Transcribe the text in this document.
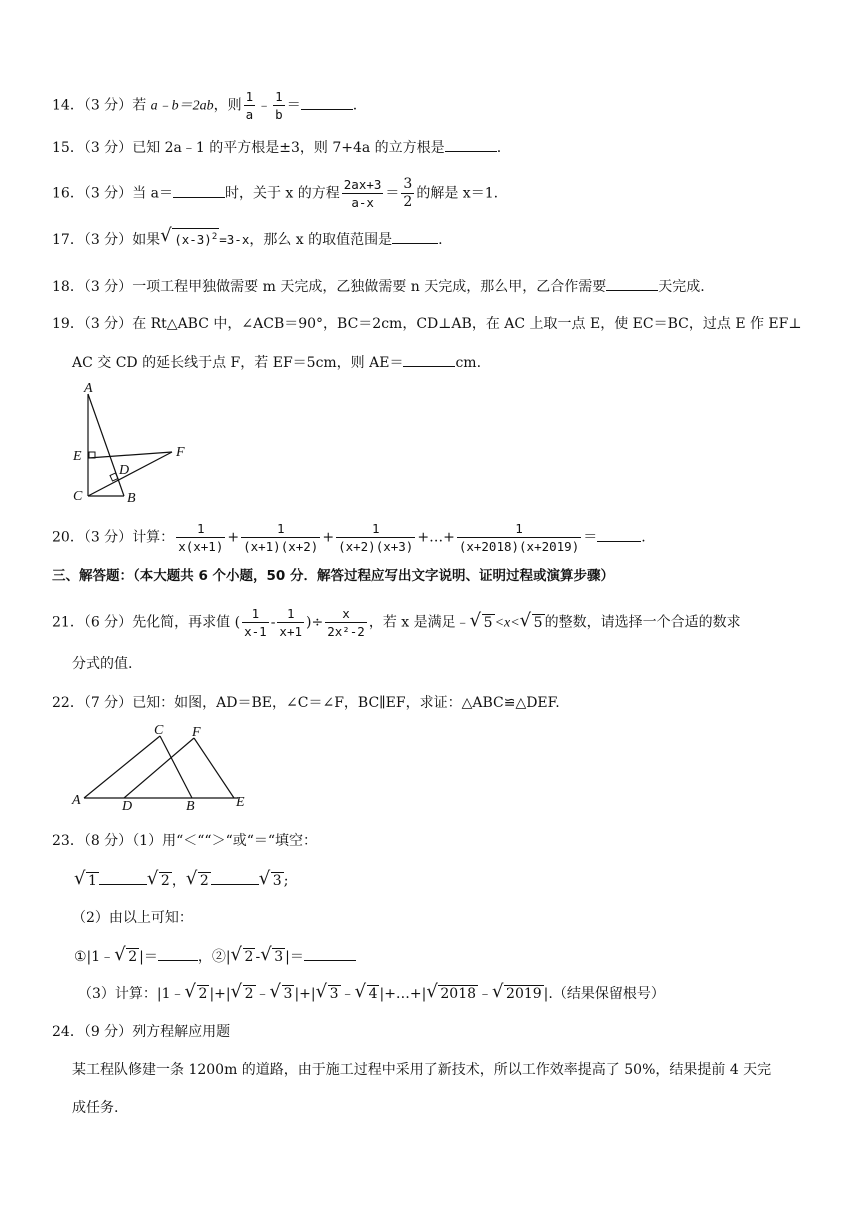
14．（3 分）若 a﹣b＝2ab，则 $\frac{1}{a}$ ﹣ $\frac{1}{b}$ ＝	.
15．（3 分）已知 2a﹣1 的平方根是±3，则 7+4a 的立方根是	.
16．（3 分）当 a＝	时，关于 x 的方程 $\frac{2ax+3}{a-x} = \frac{3}{2}$ 的解是 x＝1.
17．（3 分）如果 √ $(x-3)^2 =3-x$，那么 x 的取值范围是	.
18．（3 分）一项工程甲独做需要 m 天完成，乙独做需要 n 天完成，那么甲，乙合作需要	天完成.
19．（3 分）在 Rt△ABC 中，∠ACB＝90°，BC＝2cm，CD⊥AB，在 AC 上取一点 E，使 EC＝BC，过点 E 作 EF⊥
AC 交 CD 的延长线于点 F，若 EF＝5cm，则 AE＝	cm.
A
E	F
D
C	B
20．（3 分）计算： $\frac{1}{x(x+1)} + \frac{1}{(x+1)(x+2)} + \frac{1}{(x+2)(x+3)}$ +…+ $\frac{1}{(x+2018)(x+2019)}$ ＝	.
三、解答题：（本大题共 6 个小题，50 分．解答过程应写出文字说明、证明过程或演算步骤）
21．（6 分）先化简，再求值 ( $\frac{1}{x-1} - \frac{1}{x+1}$ )÷ $\frac{x}{\text{2x²-2}}$ ，若 x 是满足﹣ √ 5 <x< √ 5 的整数，请选择一个合适的数求
分式的值.
22．（7 分）已知：如图，AD＝BE，∠C＝∠F，BC∥EF，求证：△ABC≌△DEF.
A	D	B	E
C F
23．（8 分）（1）用“＜““＞“或“＝“填空：
√ 1	√ 2 ， √ 2	√ 3 ;
（2）由以上可知：
①|1﹣ √ 2 |＝	，②| √ 2 - √ 3 |＝
（3）计算：|1﹣ √ 2 |+| √ 2 ﹣ √ 3 |+| √ 3 ﹣ √ 4 |+…+| √ 2018 ﹣ √ 2019 |.（结果保留根号）
24．（9 分）列方程解应用题
某工程队修建一条 1200m 的道路，由于施工过程中采用了新技术，所以工作效率提高了 50%，结果提前 4 天完
成任务.
